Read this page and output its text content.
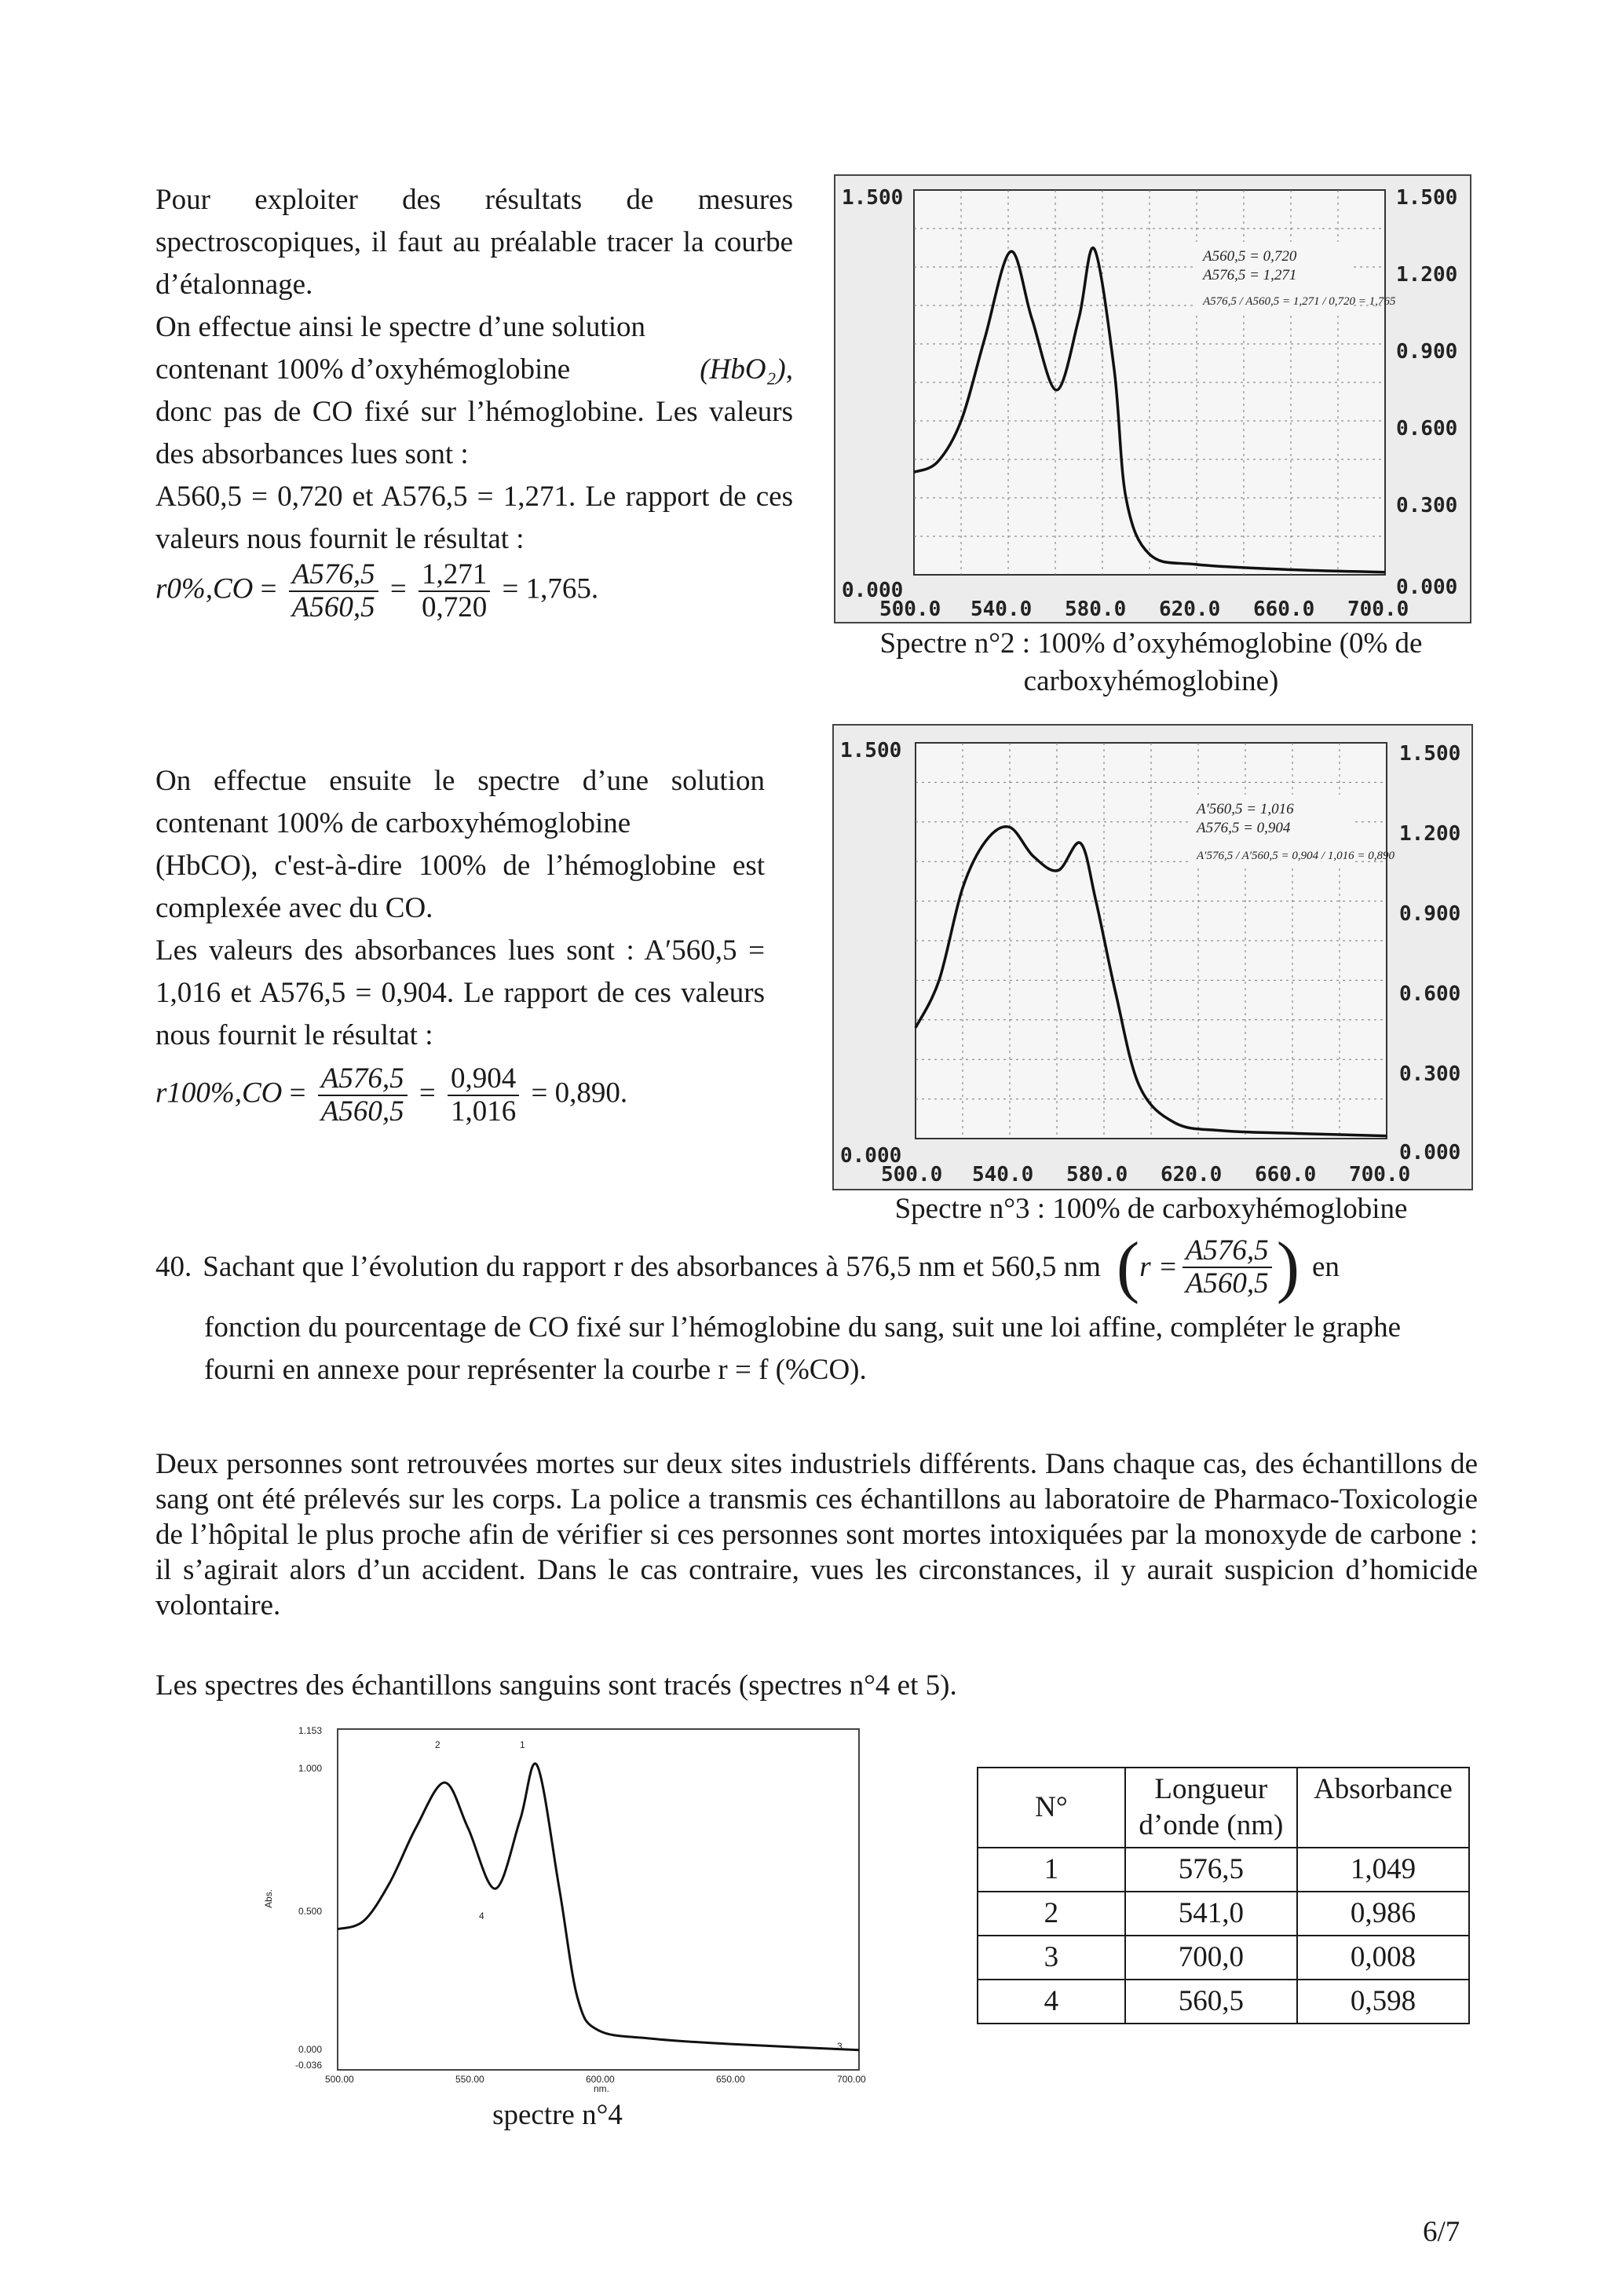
Pour exploiter des résultats de mesures spectroscopiques, il faut au préalable tracer la courbe d’étalonnage.
On effectue ainsi le spectre d’une solution

contenant 100% d’oxyhémoglobine	(HbO₂),
donc pas de CO fixé sur l’hémoglobine. Les valeurs des absorbances lues sont :
A560,5 = 0,720 et A576,5 = 1,271. Le rapport de ces valeurs nous fournit le résultat :
$r0\%,CO = \frac{A576,5}{A560,5} = \frac{1,271}{0,720} = 1,765$.
1.500
0.000
1.500
1.200
0.900
0.600
0.300
0.000
500.0 540.0 580.0 620.0 660.0 700.0
A560,5 = 0,720
A576,5 = 1,271
A576,5 / A560,5 = 1,271 / 0,720 = 1,765
Spectre n°2 : 100% d’oxyhémoglobine (0% de carboxyhémoglobine)
On effectue ensuite le spectre d’une solution contenant 100% de carboxyhémoglobine
(HbCO), c'est-à-dire 100% de l’hémoglobine est complexée avec du CO.
Les valeurs des absorbances lues sont : A′560,5 = 1,016 et A576,5 = 0,904. Le rapport de ces valeurs nous fournit le résultat :
$r100\%,CO = \frac{A576,5}{A560,5} = \frac{0,904}{1,016} = 0,890$.
1.500
0.000
1.500
1.200
0.900
0.600
0.300
0.000
500.0 540.0 580.0 620.0 660.0 700.0
A′560,5 = 1,016
A576,5 = 0,904
A′576,5 / A′560,5 = 0,904 / 1,016 = 0,890
Spectre n°3 : 100% de carboxyhémoglobine
40. Sachant que l’évolution du rapport r des absorbances à 576,5 nm et 560,5 nm ( $r = \frac{A576,5}{A560,5}$ ) en
fonction du pourcentage de CO fixé sur l’hémoglobine du sang, suit une loi affine, compléter le graphe fourni en annexe pour représenter la courbe r = f (%CO).
Deux personnes sont retrouvées mortes sur deux sites industriels différents. Dans chaque cas, des échantillons de sang ont été prélevés sur les corps. La police a transmis ces échantillons au laboratoire de Pharmaco-Toxicologie de l’hôpital le plus proche afin de vérifier si ces personnes sont mortes intoxiquées par la monoxyde de carbone : il s’agirait alors d’un accident. Dans le cas contraire, vues les circonstances, il y aurait suspicion d’homicide volontaire.
Les spectres des échantillons sanguins sont tracés (spectres n°4 et 5).
1.153
1.000
0.500
0.000
-0.036
Abs.
500.00	550.00	600.00	650.00	700.00
nm.
1
2
3
4
spectre n°4
N°	Longueur d’onde (nm)	Absorbance
1	576,5	1,049
2	541,0	0,986
3	700,0	0,008
4	560,5	0,598
6/7
